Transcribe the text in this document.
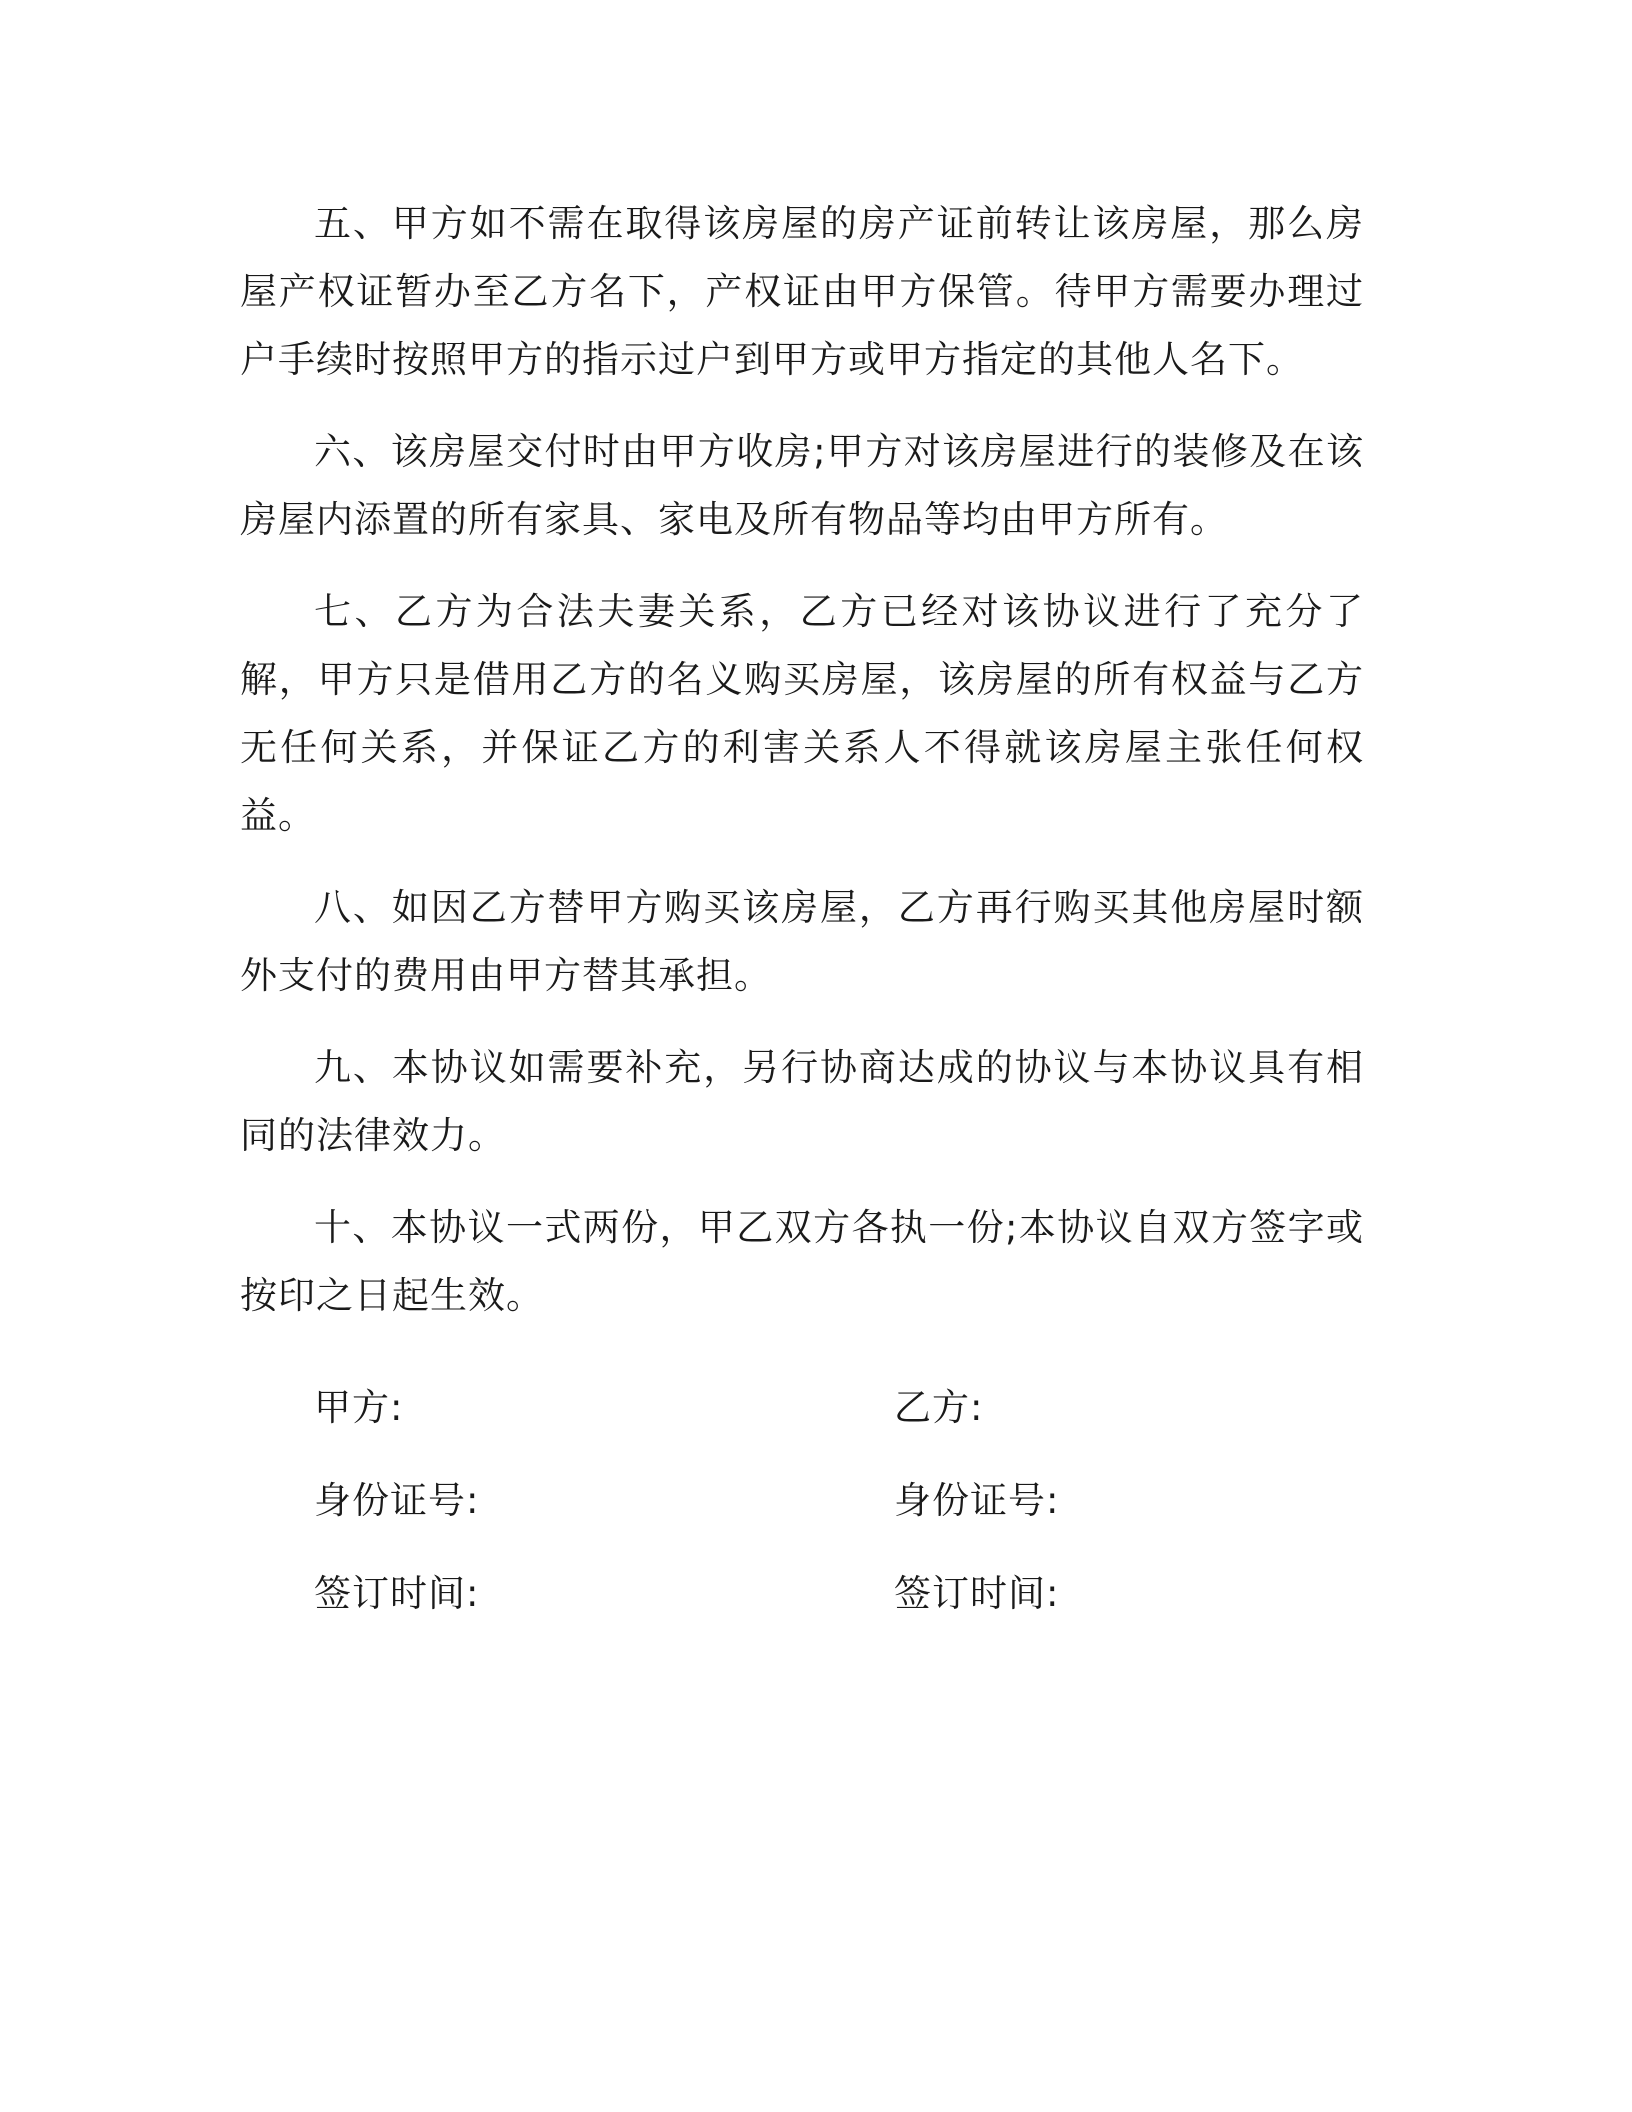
五、甲方如不需在取得该房屋的房产证前转让该房屋，那么房屋产权证暂办至乙方名下，产权证由甲方保管。待甲方需要办理过户手续时按照甲方的指示过户到甲方或甲方指定的其他人名下。

六、该房屋交付时由甲方收房;甲方对该房屋进行的装修及在该房屋内添置的所有家具、家电及所有物品等均由甲方所有。

七、乙方为合法夫妻关系，乙方已经对该协议进行了充分了解，甲方只是借用乙方的名义购买房屋，该房屋的所有权益与乙方无任何关系，并保证乙方的利害关系人不得就该房屋主张任何权益。

八、如因乙方替甲方购买该房屋，乙方再行购买其他房屋时额外支付的费用由甲方替其承担。

九、本协议如需要补充，另行协商达成的协议与本协议具有相同的法律效力。

十、本协议一式两份，甲乙双方各执一份;本协议自双方签字或按印之日起生效。

甲方:	乙方:
身份证号:	身份证号:
签订时间:	签订时间:
